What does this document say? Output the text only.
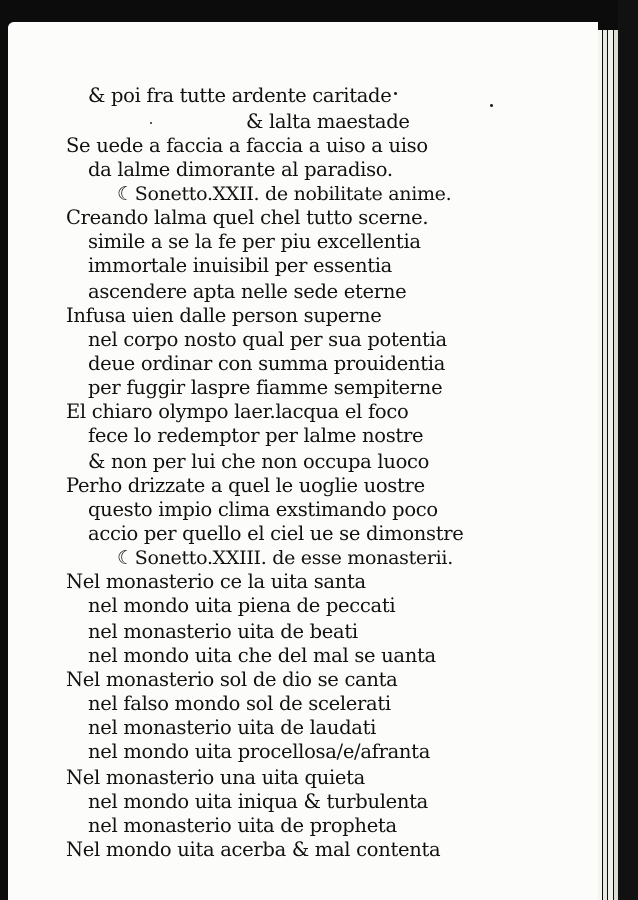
& poi fra tutte ardente caritade
& lalta maestade
Se uede a faccia a faccia a uiso a uiso
da lalme dimorante al paradiso.
☾Sonetto.XXII. de nobilitate anime.
Creando lalma quel chel tutto scerne.
simile a se la fe per piu excellentia
immortale inuisibil per essentia
ascendere apta nelle sede eterne
Infusa uien dalle person superne
nel corpo nosto qual per sua potentia
deue ordinar con summa prouidentia
per fuggir laspre fiamme sempiterne
El chiaro olympo laer.lacqua el foco
fece lo redemptor per lalme nostre
& non per lui che non occupa luoco
Perho drizzate a quel le uoglie uostre
questo impio clima exstimando poco
accio per quello el ciel ue se dimonstre
☾Sonetto.XXIII. de esse monasterii.
Nel monasterio ce la uita santa
nel mondo uita piena de peccati
nel monasterio uita de beati
nel mondo uita che del mal se uanta
Nel monasterio sol de dio se canta
nel falso mondo sol de scelerati
nel monasterio uita de laudati
nel mondo uita procellosa/e/afranta
Nel monasterio una uita quieta
nel mondo uita iniqua & turbulenta
nel monasterio uita de propheta
Nel mondo uita acerba & mal contenta
